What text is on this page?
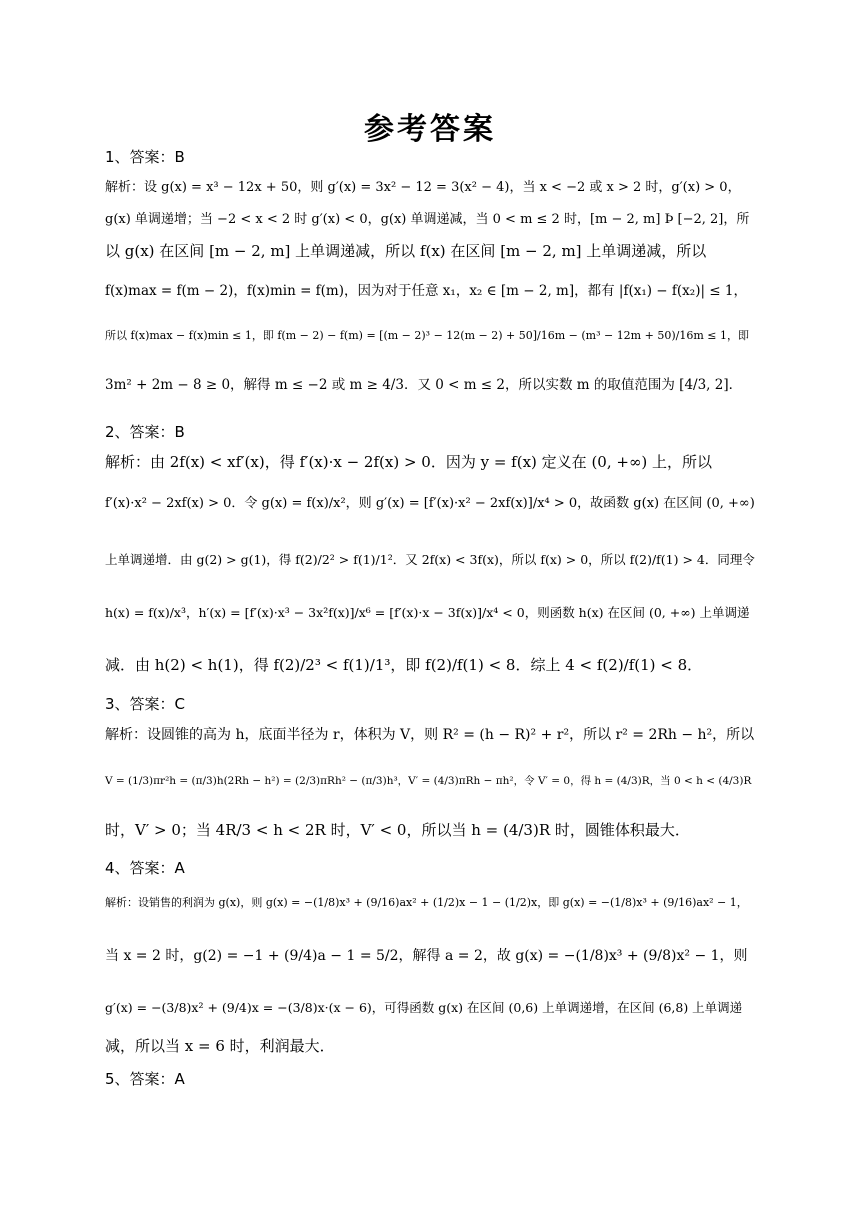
参考答案
1、答案：B
解析：设 g(x) = x³ − 12x + 50，则 g′(x) = 3x² − 12 = 3(x² − 4)，当 x < −2 或 x > 2 时，g′(x) > 0，
g(x) 单调递增；当 −2 < x < 2 时 g′(x) < 0，g(x) 单调递减，当 0 < m ≤ 2 时，[m − 2, m] Þ [−2, 2]，所
以 g(x) 在区间 [m − 2, m] 上单调递减，所以 f(x) 在区间 [m − 2, m] 上单调递减，所以
f(x)max = f(m − 2)，f(x)min = f(m)，因为对于任意 x₁，x₂ ∈ [m − 2, m]，都有 |f(x₁) − f(x₂)| ≤ 1，
所以 f(x)max − f(x)min ≤ 1，即 f(m − 2) − f(m) = [(m − 2)³ − 12(m − 2) + 50]/16m − (m³ − 12m + 50)/16m ≤ 1，即
3m² + 2m − 8 ≥ 0，解得 m ≤ −2 或 m ≥ 4/3．又 0 < m ≤ 2，所以实数 m 的取值范围为 [4/3, 2]．
2、答案：B
解析：由 2f(x) < xf′(x)，得 f′(x)·x − 2f(x) > 0．因为 y = f(x) 定义在 (0, +∞) 上，所以
f′(x)·x² − 2xf(x) > 0．令 g(x) = f(x)/x²，则 g′(x) = [f′(x)·x² − 2xf(x)]/x⁴ > 0，故函数 g(x) 在区间 (0, +∞)
上单调递增．由 g(2) > g(1)，得 f(2)/2² > f(1)/1²．又 2f(x) < 3f(x)，所以 f(x) > 0，所以 f(2)/f(1) > 4．同理令
h(x) = f(x)/x³，h′(x) = [f′(x)·x³ − 3x²f(x)]/x⁶ = [f′(x)·x − 3f(x)]/x⁴ < 0，则函数 h(x) 在区间 (0, +∞) 上单调递
减．由 h(2) < h(1)，得 f(2)/2³ < f(1)/1³，即 f(2)/f(1) < 8．综上 4 < f(2)/f(1) < 8．
3、答案：C
解析：设圆锥的高为 h，底面半径为 r，体积为 V，则 R² = (h − R)² + r²，所以 r² = 2Rh − h²，所以
V = (1/3)πr²h = (π/3)h(2Rh − h²) = (2/3)πRh² − (π/3)h³，V′ = (4/3)πRh − πh²，令 V′ = 0，得 h = (4/3)R，当 0 < h < (4/3)R
时，V′ > 0；当 4R/3 < h < 2R 时，V′ < 0，所以当 h = (4/3)R 时，圆锥体积最大．
4、答案：A
解析：设销售的利润为 g(x)，则 g(x) = −(1/8)x³ + (9/16)ax² + (1/2)x − 1 − (1/2)x，即 g(x) = −(1/8)x³ + (9/16)ax² − 1，
当 x = 2 时，g(2) = −1 + (9/4)a − 1 = 5/2，解得 a = 2，故 g(x) = −(1/8)x³ + (9/8)x² − 1，则
g′(x) = −(3/8)x² + (9/4)x = −(3/8)x·(x − 6)，可得函数 g(x) 在区间 (0,6) 上单调递增，在区间 (6,8) 上单调递
减，所以当 x = 6 时，利润最大．
5、答案：A
